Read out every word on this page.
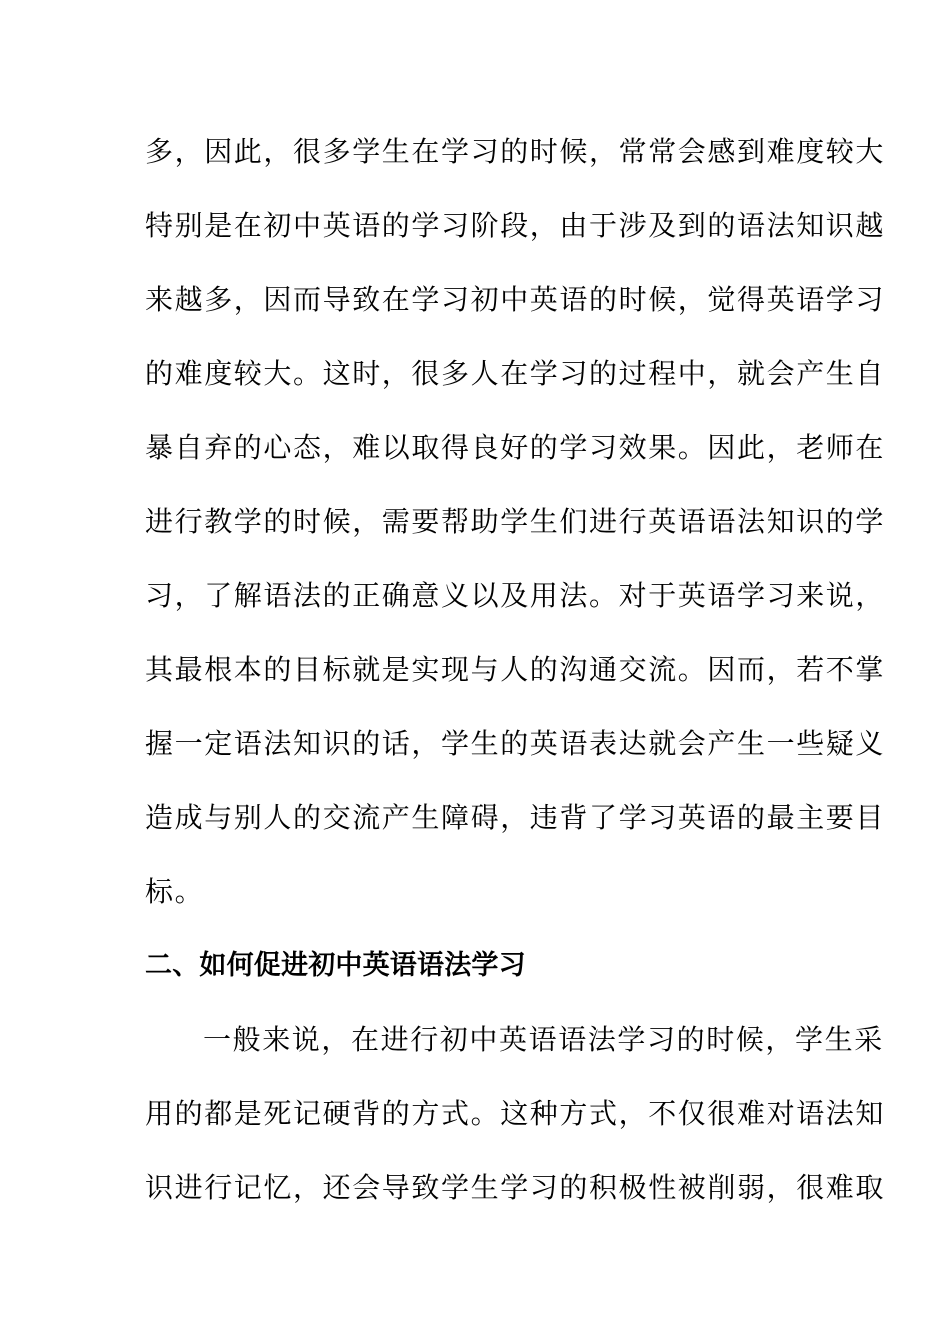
多，因此，很多学生在学习的时候，常常会感到难度较大
特别是在初中英语的学习阶段，由于涉及到的语法知识越
来越多，因而导致在学习初中英语的时候，觉得英语学习
的难度较大。这时，很多人在学习的过程中，就会产生自
暴自弃的心态，难以取得良好的学习效果。因此，老师在
进行教学的时候，需要帮助学生们进行英语语法知识的学
习，了解语法的正确意义以及用法。对于英语学习来说，
其最根本的目标就是实现与人的沟通交流。因而，若不掌
握一定语法知识的话，学生的英语表达就会产生一些疑义
造成与别人的交流产生障碍，违背了学习英语的最主要目
标。
二、如何促进初中英语语法学习
一般来说，在进行初中英语语法学习的时候，学生采
用的都是死记硬背的方式。这种方式，不仅很难对语法知
识进行记忆，还会导致学生学习的积极性被削弱，很难取
